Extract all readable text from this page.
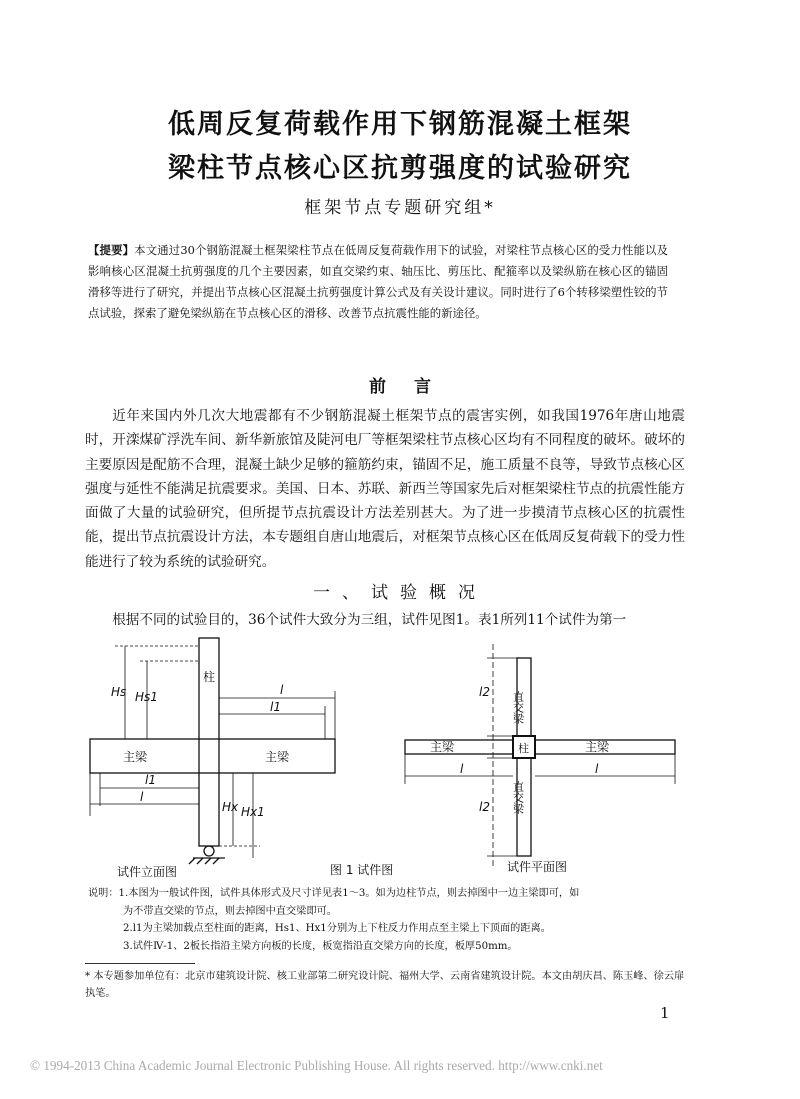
低周反复荷载作用下钢筋混凝土框架
梁柱节点核心区抗剪强度的试验研究
框架节点专题研究组*
【提要】本文通过30个钢筋混凝土框架梁柱节点在低周反复荷载作用下的试验，对梁柱节点核心区的受力性能以及影响核心区混凝土抗剪强度的几个主要因素，如直交梁约束、轴压比、剪压比、配箍率以及梁纵筋在核心区的锚固滑移等进行了研究，并提出节点核心区混凝土抗剪强度计算公式及有关设计建议。同时进行了6个转移梁塑性铰的节点试验，探索了避免梁纵筋在节点核心区的滑移、改善节点抗震性能的新途径。
前言
近年来国内外几次大地震都有不少钢筋混凝土框架节点的震害实例，如我国1976年唐山地震时，开滦煤矿浮洗车间、新华新旅馆及陡河电厂等框架梁柱节点核心区均有不同程度的破坏。破坏的主要原因是配筋不合理，混凝土缺少足够的箍筋约束，锚固不足，施工质量不良等，导致节点核心区强度与延性不能满足抗震要求。美国、日本、苏联、新西兰等国家先后对框架梁柱节点的抗震性能方面做了大量的试验研究，但所提节点抗震设计方法差别甚大。为了进一步摸清节点核心区的抗震性能，提出节点抗震设计方法，本专题组自唐山地震后，对框架节点核心区在低周反复荷载下的受力性能进行了较为系统的试验研究。
一、试验概况
根据不同的试验目的，36个试件大致分为三组，试件见图1。表1所列11个试件为第一
柱
主梁	主梁
Hs Hs1	l
l1
l1
l
Hx Hx1
试件立面图	图 1 试件图	试件平面图
主梁	主梁
柱
l2
l2
l	l
直交梁
直交梁
说明：1.本图为一般试件图，试件具体形式及尺寸详见表1～3。如为边柱节点，则去掉图中一边主梁即可，如
为不带直交梁的节点，则去掉图中直交梁即可。
2.l1为主梁加载点至柱面的距离，Hs1、Hx1分别为上下柱反力作用点至主梁上下顶面的距离。
3.试件Ⅳ-1、2板长指沿主梁方向板的长度，板宽指沿直交梁方向的长度，板厚50mm。
* 本专题参加单位有：北京市建筑设计院、核工业部第二研究设计院、福州大学、云南省建筑设计院。本文由胡庆昌、陈玉峰、徐云扉执笔。
1
© 1994-2013 China Academic Journal Electronic Publishing House. All rights reserved. http://www.cnki.net
